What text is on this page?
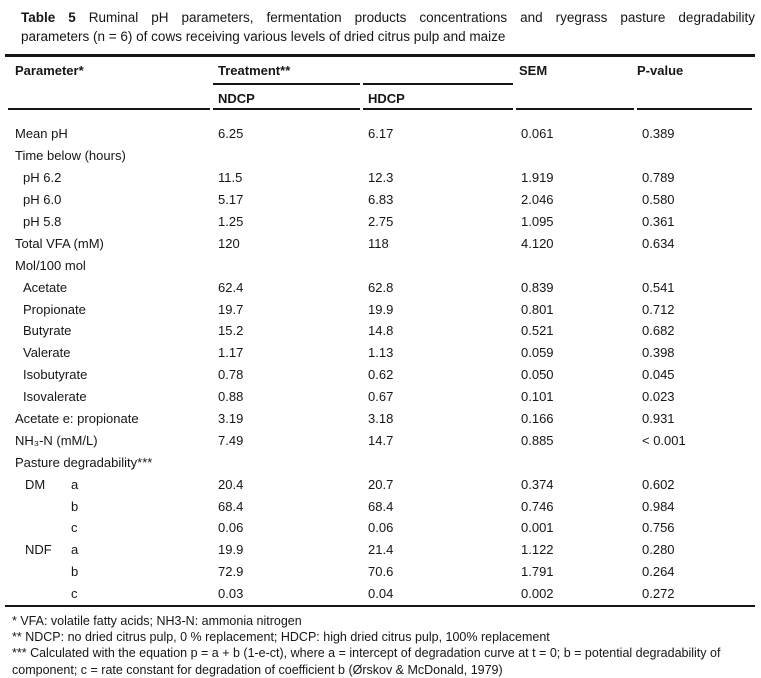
Table 5 Ruminal pH parameters, fermentation products concentrations and ryegrass pasture degradability
parameters (n = 6) of cows receiving various levels of dried citrus pulp and maize

Parameter*	Treatment**		SEM	P-value
	NDCP	HDCP		

Mean pH	6.25	6.17	0.061	0.389
Time below (hours)				
pH 6.2	11.5	12.3	1.919	0.789
pH 6.0	5.17	6.83	2.046	0.580
pH 5.8	1.25	2.75	1.095	0.361
Total VFA (mM)	120	118	4.120	0.634
Mol/100 mol				
Acetate	62.4	62.8	0.839	0.541
Propionate	19.7	19.9	0.801	0.712
Butyrate	15.2	14.8	0.521	0.682
Valerate	1.17	1.13	0.059	0.398
Isobutyrate	0.78	0.62	0.050	0.045
Isovalerate	0.88	0.67	0.101	0.023
Acetate e: propionate	3.19	3.18	0.166	0.931
NH₃-N (mM/L)	7.49	14.7	0.885	< 0.001
Pasture degradability***				
DM a	20.4	20.7	0.374	0.602
b	68.4	68.4	0.746	0.984
c	0.06	0.06	0.001	0.756
NDF a	19.9	21.4	1.122	0.280
b	72.9	70.6	1.791	0.264
c	0.03	0.04	0.002	0.272

* VFA: volatile fatty acids; NH3-N: ammonia nitrogen

** NDCP: no dried citrus pulp, 0 % replacement; HDCP: high dried citrus pulp, 100% replacement

*** Calculated with the equation p = a + b (1-e-ct), where a = intercept of degradation curve at t = 0; b = potential degradability of component; c = rate constant for degradation of coefficient b (Ørskov & McDonald, 1979)
